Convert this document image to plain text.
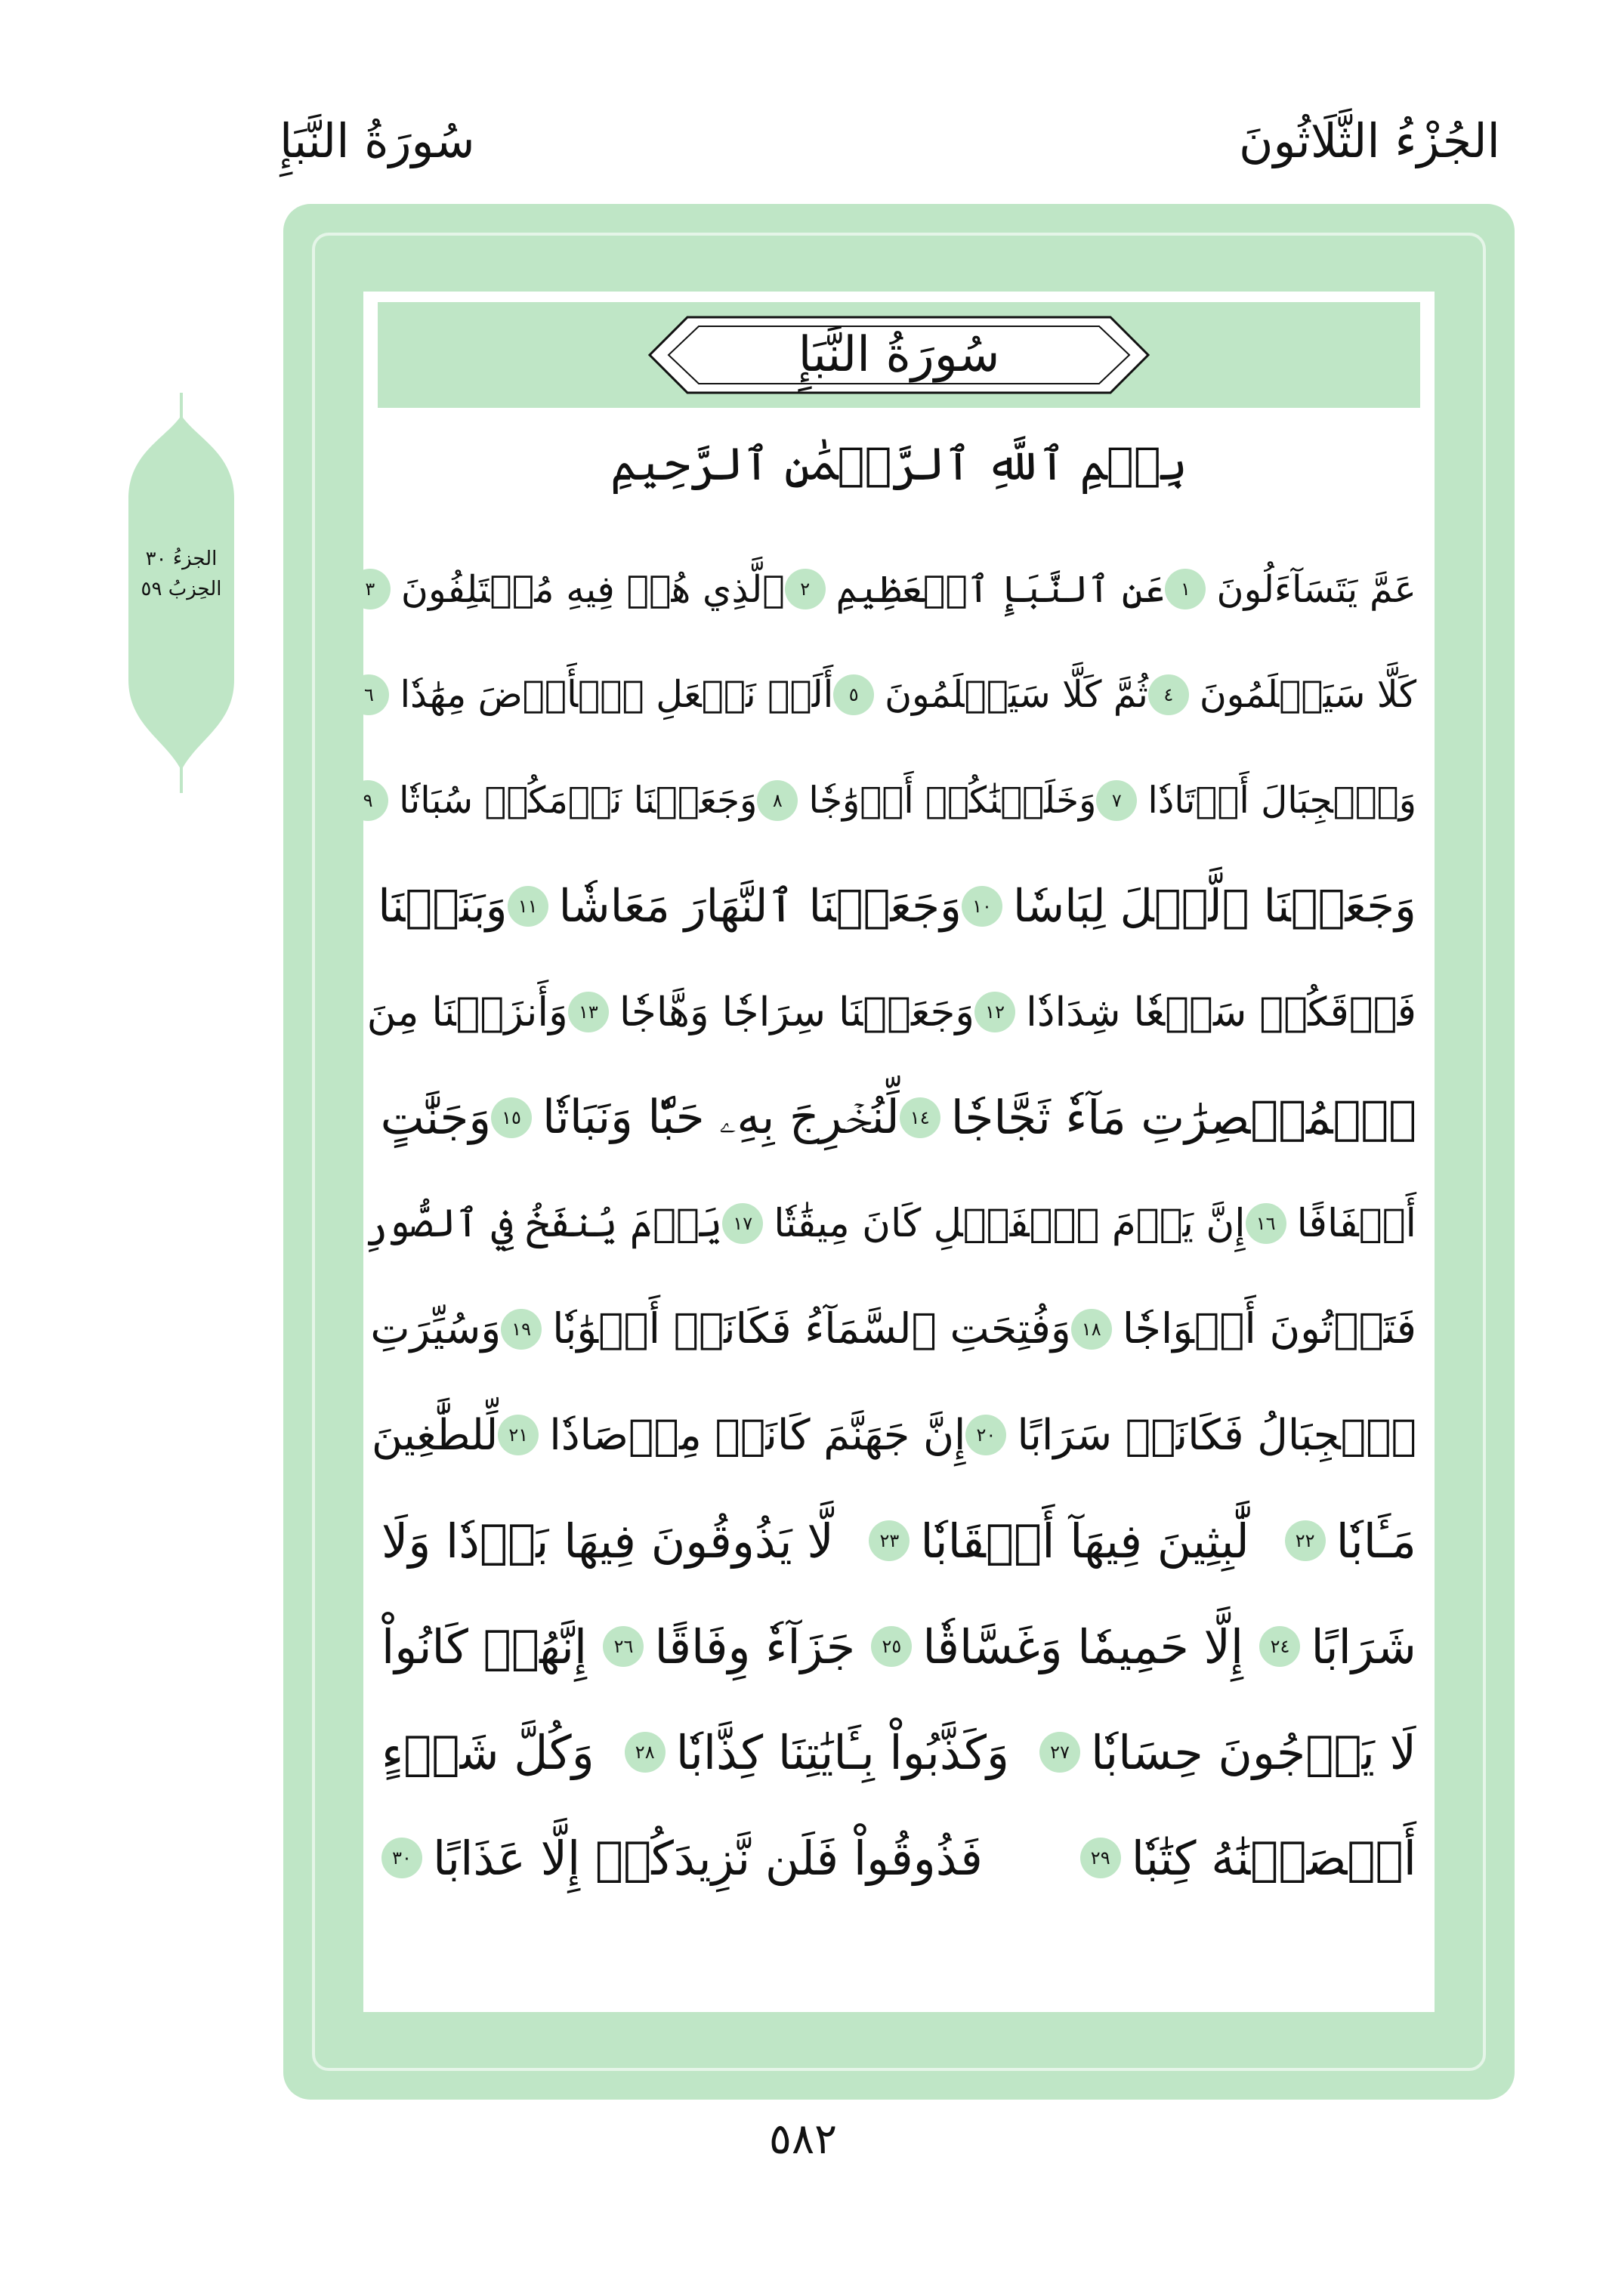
الجُزْءُ الثَّلَاثُونَ
سُورَةُ النَّبَإِ
الجزءُ ٣٠
الحِزبُ ٥٩
سُورَةُ النَّبَإِ
بِسۡمِ ٱللَّهِ ٱلرَّحۡمَٰنِ ٱلرَّحِيمِ
عَمَّ يَتَسَآءَلُونَ
١
عَنِ ٱلنَّبَإِ ٱلۡعَظِيمِ
٢
ٱلَّذِي هُمۡ فِيهِ مُخۡتَلِفُونَ
٣
كَلَّا سَيَعۡلَمُونَ
٤
ثُمَّ كَلَّا سَيَعۡلَمُونَ
٥
أَلَمۡ نَجۡعَلِ ٱلۡأَرۡضَ مِهَٰدٗا
٦
وَٱلۡجِبَالَ أَوۡتَادٗا
٧
وَخَلَقۡنَٰكُمۡ أَزۡوَٰجٗا
٨
وَجَعَلۡنَا نَوۡمَكُمۡ سُبَاتٗا
٩
وَجَعَلۡنَا ٱلَّيۡلَ لِبَاسٗا
١٠
وَجَعَلۡنَا ٱلنَّهَارَ مَعَاشٗا
١١
وَبَنَيۡنَا
فَوۡقَكُمۡ سَبۡعٗا شِدَادٗا
١٢
وَجَعَلۡنَا سِرَاجٗا وَهَّاجٗا
١٣
وَأَنزَلۡنَا مِنَ
ٱلۡمُعۡصِرَٰتِ مَآءٗ ثَجَّاجٗا
١٤
لِّنُخۡرِجَ بِهِۦ حَبّٗا وَنَبَاتٗا
١٥
وَجَنَّٰتٍ
أَلۡفَافًا
١٦
إِنَّ يَوۡمَ ٱلۡفَصۡلِ كَانَ مِيقَٰتٗا
١٧
يَوۡمَ يُنفَخُ فِي ٱلصُّورِ
فَتَأۡتُونَ أَفۡوَاجٗا
١٨
وَفُتِحَتِ ٱلسَّمَآءُ فَكَانَتۡ أَبۡوَٰبٗا
١٩
وَسُيِّرَتِ
ٱلۡجِبَالُ فَكَانَتۡ سَرَابًا
٢٠
إِنَّ جَهَنَّمَ كَانَتۡ مِرۡصَادٗا
٢١
لِّلطَّٰغِينَ
مَـَٔابٗا
٢٢
لَّٰبِثِينَ فِيهَآ أَحۡقَابٗا
٢٣
لَّا يَذُوقُونَ فِيهَا بَرۡدٗا وَلَا
شَرَابًا
٢٤
إِلَّا حَمِيمٗا وَغَسَّاقٗا
٢٥
جَزَآءٗ وِفَاقًا
٢٦
إِنَّهُمۡ كَانُواْ
لَا يَرۡجُونَ حِسَابٗا
٢٧
وَكَذَّبُواْ بِـَٔايَٰتِنَا كِذَّابٗا
٢٨
وَكُلَّ شَيۡءٍ
أَحۡصَيۡنَٰهُ كِتَٰبٗا
٢٩
فَذُوقُواْ فَلَن نَّزِيدَكُمۡ إِلَّا عَذَابًا
٣٠
٥٨٢
